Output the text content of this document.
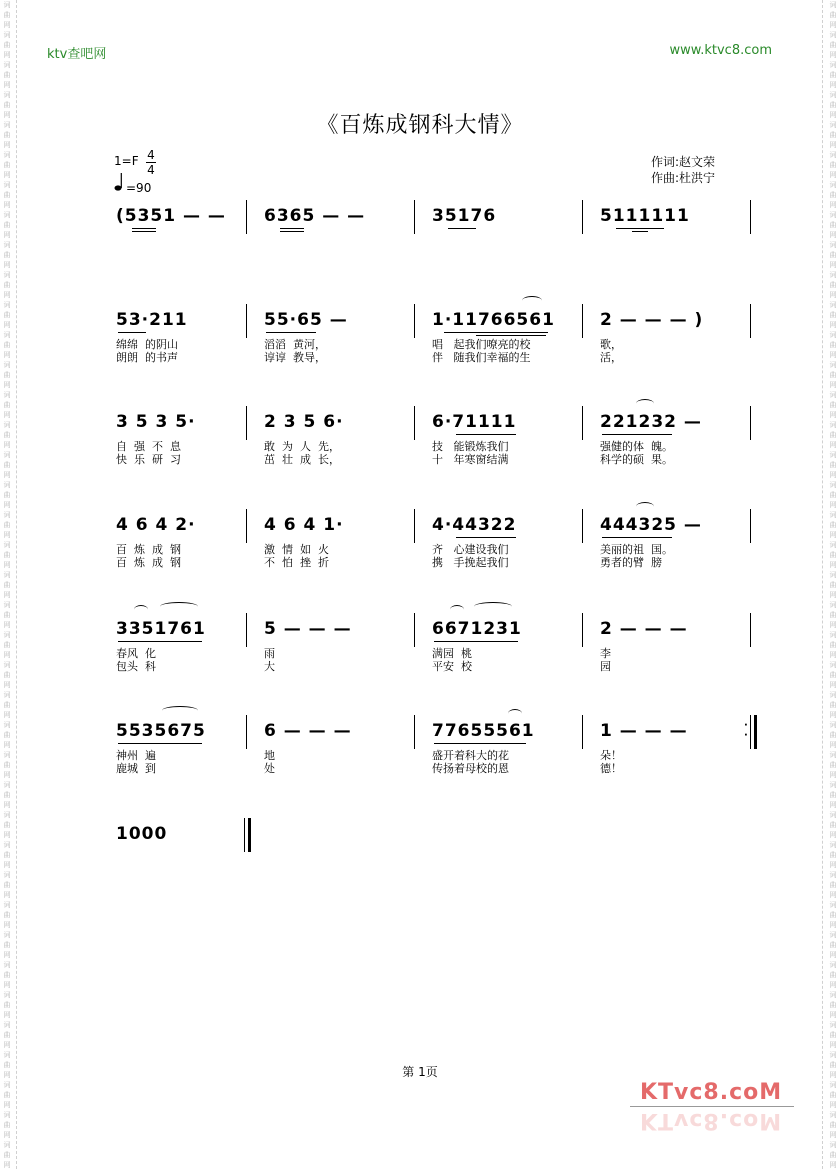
词
曲
网
词
曲
网
词
曲
网
词
曲
网
词
曲
网
词
曲
网
词
曲
网
词
曲
网
词
曲
网
词
曲
网
词
曲
网
词
曲
网
词
曲
网
词
曲
网
词
曲
网
词
曲
网
词
曲
网
词
曲
网
词
曲
网
词
曲
网
词
曲
网
词
曲
网
词
曲
网
词
曲
网
词
曲
网
词
曲
网
词
曲
网
词
曲
网
词
曲
网
词
曲
网
词
曲
网
词
曲
网
词
曲
网
词
曲
网
词
曲
网
词
曲
网
词
曲
网
词
曲
网
词
曲
网
词
曲
网
词
曲
网
词
曲
网
词
曲
网
词
曲
网
词
曲
网
词
曲
网
词
曲
网
词
曲
网
词
曲
网
词
曲
网
词
曲
网
词
曲
网
词
曲
网
词
曲
网
词
曲
网
词
曲
网
词
曲
网
词
曲
网
词
曲
网
词
曲
网
词
曲
网
词
曲
网
词
曲
网
词
曲
网
词
曲
网
词
曲
网
词
曲
网
词
曲
网
词
曲
网
词
曲
网
词
曲
网
词
曲
网
词
曲
网
词
曲
网
词
曲
网
词
曲
网
词
曲
网
词
曲
网
ktv查吧网	www.ktvc8.com
《百炼成钢科大情》
1=F 4
4
=90
作词:赵文荣
作曲:杜洪宁
(5351 — — 6365 — —	35176	5111111
53·211
绵绵  的阴山
朗朗  的书声
55·65 —
滔滔  黄河，
谆谆  教导，
1·11766561
唱   起我们嘹亮的校
伴   随我们幸福的生
2 — — — )
歌，
活，
3 5 3 5·
自  强  不  息
快  乐  研  习
2 3 5 6·
敢  为  人  先，
茁  壮  成  长，
6·71111
技   能锻炼我们
十   年寒窗结满
221232 —
强健的体  魄。
科学的硕  果。
4 6 4 2·
百  炼  成  钢
百  炼  成  钢
4 6 4 1·
激  情  如  火
不  怕  挫  折
4·44322
齐   心建设我们
携   手挽起我们
444325 —
美丽的祖  国。
勇者的臂  膀
3351761
春风  化
包头  科
5 — — —
雨
大
6671231
满园  桃
平安  校
2 — — —
李
园
5535675
神州  遍
鹿城  到
6 — — —
地
处
77655561
盛开着科大的花
传扬着母校的恩
1 — — —
朵！
德！
·
·
1000
第 1页
KTvc8.coM
KTvc8.coM
